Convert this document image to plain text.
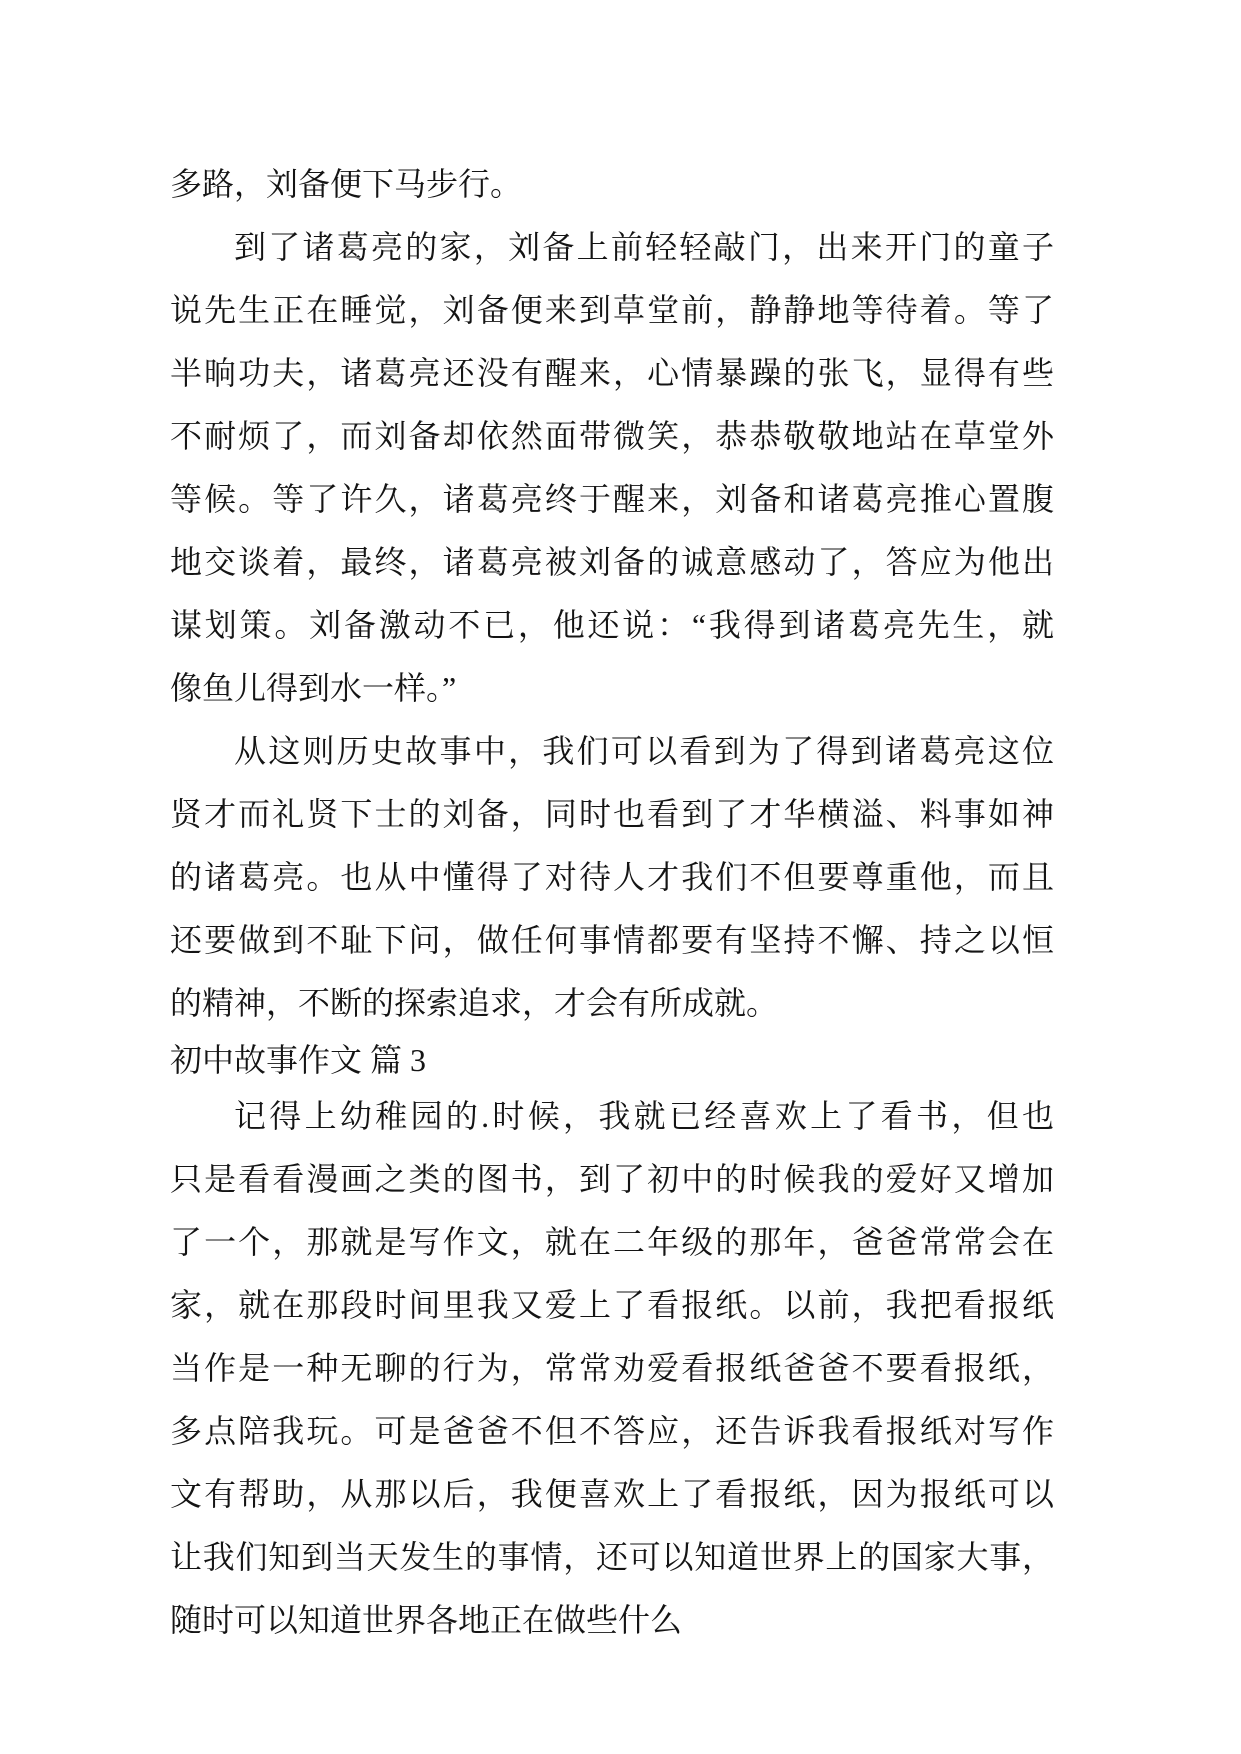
多路，刘备便下马步行。
到了诸葛亮的家，刘备上前轻轻敲门，出来开门的童子
说先生正在睡觉，刘备便来到草堂前，静静地等待着。等了
半晌功夫，诸葛亮还没有醒来，心情暴躁的张飞，显得有些
不耐烦了，而刘备却依然面带微笑，恭恭敬敬地站在草堂外
等候。等了许久，诸葛亮终于醒来，刘备和诸葛亮推心置腹
地交谈着，最终，诸葛亮被刘备的诚意感动了，答应为他出
谋划策。刘备激动不已，他还说：“我得到诸葛亮先生，就
像鱼儿得到水一样。”
从这则历史故事中，我们可以看到为了得到诸葛亮这位
贤才而礼贤下士的刘备，同时也看到了才华横溢、料事如神
的诸葛亮。也从中懂得了对待人才我们不但要尊重他，而且
还要做到不耻下问，做任何事情都要有坚持不懈、持之以恒
的精神，不断的探索追求，才会有所成就。
初中故事作文 篇 3
记得上幼稚园的.时候，我就已经喜欢上了看书，但也
只是看看漫画之类的图书，到了初中的时候我的爱好又增加
了一个，那就是写作文，就在二年级的那年，爸爸常常会在
家，就在那段时间里我又爱上了看报纸。以前，我把看报纸
当作是一种无聊的行为，常常劝爱看报纸爸爸不要看报纸，
多点陪我玩。可是爸爸不但不答应，还告诉我看报纸对写作
文有帮助，从那以后，我便喜欢上了看报纸，因为报纸可以
让我们知到当天发生的事情，还可以知道世界上的国家大事，
随时可以知道世界各地正在做些什么
